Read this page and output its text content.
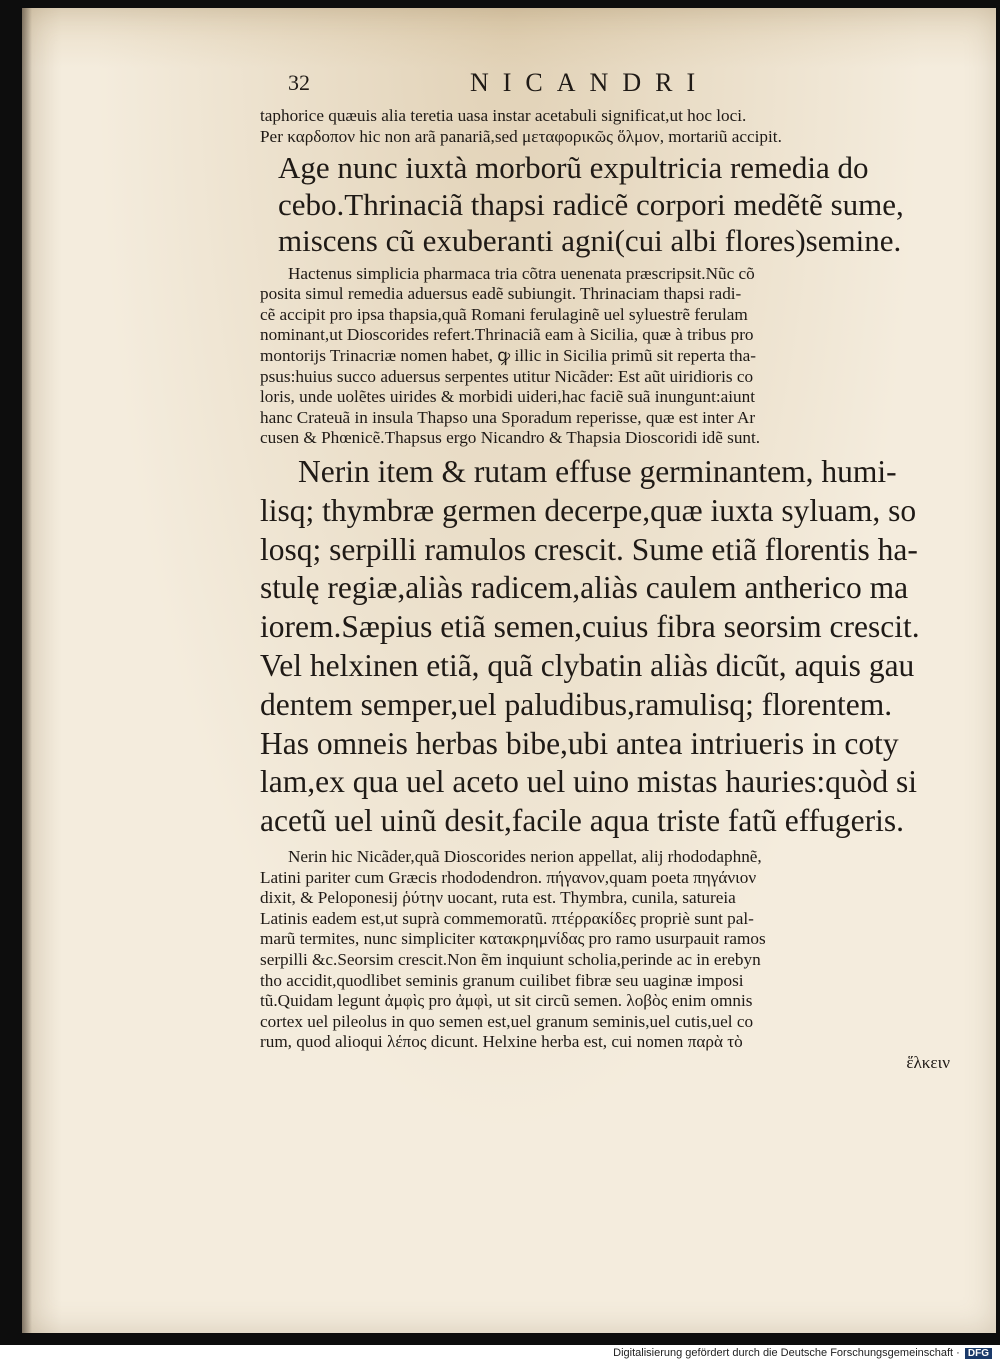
32	NICANDRI
taphorice quæuis alia teretia uasa instar acetabuli significat,ut hoc loci.
Per καρδοπον hic non arã panariã,sed μεταφορικῶς ὅλμον, mortariũ accipit.
Age nunc iuxtà morborũ expultricia remedia do
cebo.Thrinaciã thapsi radicẽ corpori medẽtẽ sume,
miscens cũ exuberanti agni(cui albi flores)semine.
Hactenus simplicia pharmaca tria cõtra uenenata præscripsit.Nũc cõ
posita simul remedia aduersus eadẽ subiungit. Thrinaciam thapsi radi-
cẽ accipit pro ipsa thapsia,quã Romani ferulaginẽ uel syluestrẽ ferulam
nominant,ut Dioscorides refert.Thrinaciã eam à Sicilia, quæ à tribus pro
montorijs Trinacriæ nomen habet, ꝙ illic in Sicilia primũ sit reperta tha-
psus:huius succo aduersus serpentes utitur Nicãder: Est aũt uiridioris co
loris, unde uolẽtes uirides & morbidi uideri,hac faciẽ suã inungunt:aiunt
hanc Crateuã in insula Thapso una Sporadum reperisse, quæ est inter Ar
cusen & Phœnicẽ.Thapsus ergo Nicandro & Thapsia Dioscoridi idẽ sunt.
Nerin item & rutam effuse germinantem, humi-
lisq; thymbræ germen decerpe,quæ iuxta syluam, so
losq; serpilli ramulos crescit. Sume etiã florentis ha-
stulę regiæ,aliàs radicem,aliàs caulem antherico ma
iorem.Sæpius etiã semen,cuius fibra seorsim crescit.
Vel helxinen etiã, quã clybatin aliàs dicũt, aquis gau
dentem semper,uel paludibus,ramulisq; florentem.
Has omneis herbas bibe,ubi antea intriueris in coty
lam,ex qua uel aceto uel uino mistas hauries:quòd si
acetũ uel uinũ desit,facile aqua triste fatũ effugeris.
Nerin hic Nicãder,quã Dioscorides nerion appellat, alij rhododaphnẽ,
Latini pariter cum Græcis rhododendron. πήγανον,quam poeta πηγάνιον
dixit, & Peloponesij ῥύτην uocant, ruta est. Thymbra, cunila, satureia
Latinis eadem est,ut suprà commemoratũ. πτέρρακίδες propriè sunt pal-
marũ termites, nunc simpliciter κατακρημνίδας pro ramo usurpauit ramos
serpilli &c.Seorsim crescit.Non ẽm inquiunt scholia,perinde ac in erebyn
tho accidit,quodlibet seminis granum cuilibet fibræ seu uaginæ imposi
tũ.Quidam legunt ἀμφὶς pro ἀμφὶ, ut sit circũ semen. λοβὸς enim omnis
cortex uel pileolus in quo semen est,uel granum seminis,uel cutis,uel co
rum, quod alioqui λέπος dicunt. Helxine herba est, cui nomen παρὰ τὸ
ἕλκειν
Digitalisierung gefördert durch die Deutsche Forschungsgemeinschaft · DFG
